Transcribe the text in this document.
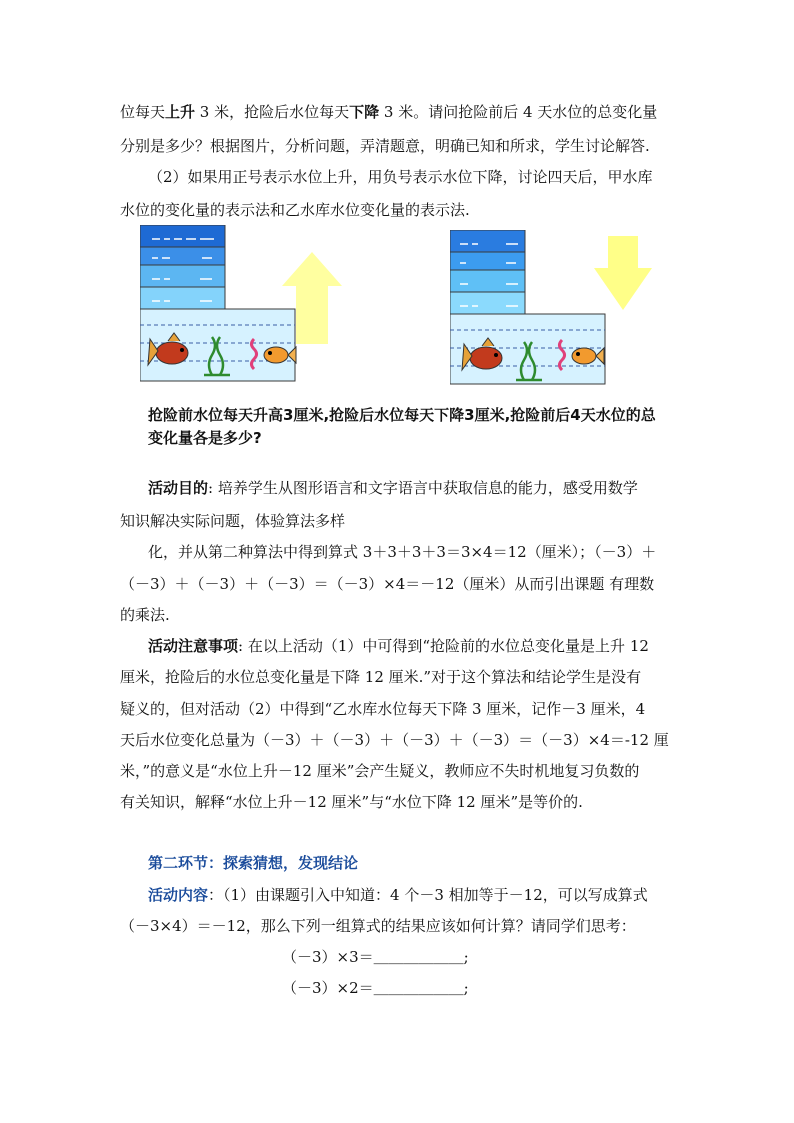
位每天上升 3 米，抢险后水位每天下降 3 米。请问抢险前后 4 天水位的总变化量
分别是多少？根据图片，分析问题，弄清题意，明确已知和所求，学生讨论解答.
（2）如果用正号表示水位上升，用负号表示水位下降，讨论四天后，甲水库
水位的变化量的表示法和乙水库水位变化量的表示法.
抢险前水位每天升高3厘米,抢险后水位每天下降3厘米,抢险前后4天水位的总
变化量各是多少?
活动目的: 培养学生从图形语言和文字语言中获取信息的能力，感受用数学
知识解决实际问题，体验算法多样
化，并从第二种算法中得到算式 3＋3＋3＋3＝3×4＝12（厘米）；（－3）＋
（－3）＋（－3）＋（－3）＝（－3）×4＝－12（厘米）从而引出课题 有理数
的乘法.
活动注意事项: 在以上活动（1）中可得到“抢险前的水位总变化量是上升 12
厘米，抢险后的水位总变化量是下降 12 厘米.”对于这个算法和结论学生是没有
疑义的，但对活动（2）中得到“乙水库水位每天下降 3 厘米，记作－3 厘米，4
天后水位变化总量为（－3）＋（－3）＋（－3）＋（－3）＝（－3）×4＝-12 厘
米，”的意义是“水位上升－12 厘米”会产生疑义，教师应不失时机地复习负数的
有关知识，解释“水位上升－12 厘米”与“水位下降 12 厘米”是等价的.
第二环节：探索猜想，发现结论
活动内容：（1）由课题引入中知道：4 个－3 相加等于－12，可以写成算式
（－3×4）＝－12，那么下列一组算式的结果应该如何计算？请同学们思考：
（－3）×3＝＿＿＿＿＿＿;
（－3）×2＝＿＿＿＿＿＿;
